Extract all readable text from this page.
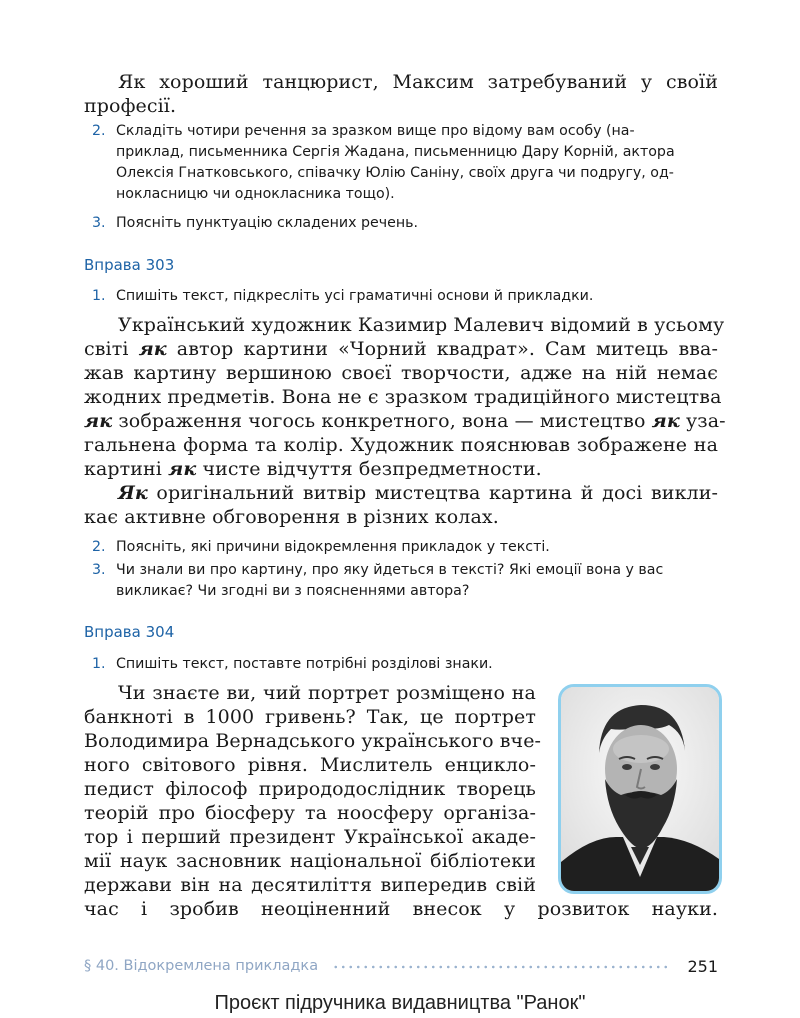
Як хороший танцюрист, Максим затребуваний у своїй
професії.
2. Складіть чотири речення за зразком вище про відому вам особу (на-
приклад, письменника Сергія Жадана, письменницю Дару Корній, актора
Олексія Гнатковського, співачку Юлію Саніну, своїх друга чи подругу, од-
нокласницю чи однокласника тощо).
3. Поясніть пунктуацію складених речень.
Вправа 303
1. Спишіть текст, підкресліть усі граматичні основи й прикладки.
Український художник Казимир Малевич відомий в усьому
світі як автор картини «Чорний квадрат». Сам митець вва-
жав картину вершиною своєї творчости, адже на ній немає
жодних предметів. Вона не є зразком традиційного мистецтва
як зображення чогось конкретного, вона — мистецтво як уза-
гальнена форма та колір. Художник пояснював зображене на
картині як чисте відчуття безпредметности.
Як оригінальний витвір мистецтва картина й досі викли-
кає активне обговорення в різних колах.
2. Поясніть, які причини відокремлення прикладок у тексті.
3. Чи знали ви про картину, про яку йдеться в тексті? Які емоції вона у вас
викликає? Чи згодні ви з поясненнями автора?
Вправа 304
1. Спишіть текст, поставте потрібні розділові знаки.
Чи знаєте ви, чий портрет розміщено на
банкноті в 1000 гривень? Так, це портрет
Володимира Вернадського українського вче-
ного світового рівня. Мислитель енцикло-
педист філософ природодослідник творець
теорій про біосферу та ноосферу організа-
тор і перший президент Української акаде-
мії наук засновник національної бібліотеки
держави він на десятиліття випередив свій
час і зробив неоціненний внесок у розвиток науки.
§ 40. Відокремлена прикладка	251
Проєкт підручника видавництва "Ранок"
